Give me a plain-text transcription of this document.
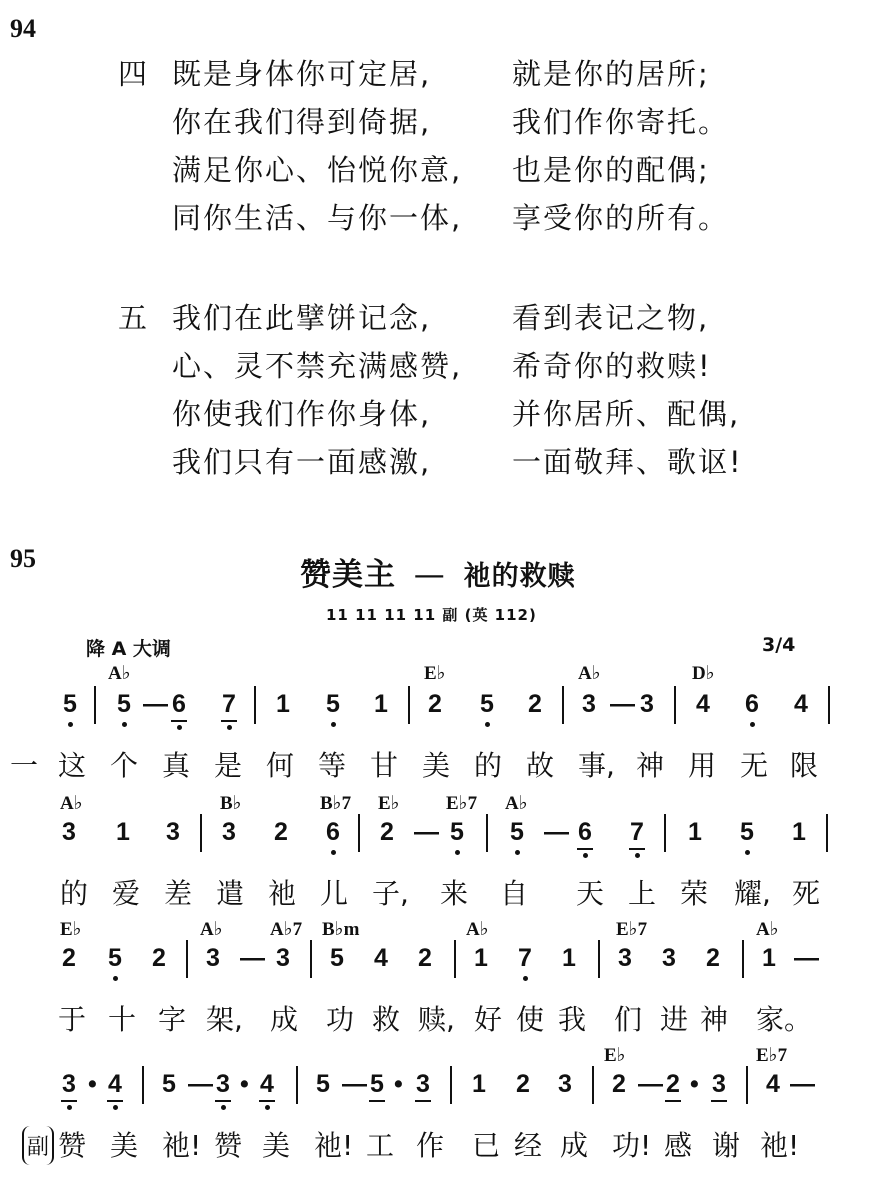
94
四 既是身体你可定居,	就是你的居所;
你在我们得到倚据,	我们作你寄托。
满足你心、怡悦你意, 也是你的配偶;
同你生活、与你一体, 享受你的所有。
五 我们在此擘饼记念,	看到表记之物,
心、灵不禁充满感赞, 希奇你的救赎!
你使我们作你身体,	并你居所、配偶,
我们只有一面感激,	一面敬拜、歌讴!
95	赞美主 — 祂的救赎
11 11 11 11 副 (英 112)
降 A 大调	3/4
A♭	E♭	A♭	D♭
5 5 — 6 7 1 5 1 2 5 2 3 — 3 4 6 4
一 这 个 真 是 何 等 甘 美 的 故 事, 神 用 无 限
A♭	B♭	B♭7 E♭ E♭7 A♭
3 1 3 3 2 6 2 — 5 5 — 6 7 1 5 1
的 爱 差 遣 祂 儿 子, 来 自 天 上 荣 耀, 死
E♭	A♭ A♭7 B♭m	A♭	E♭7	A♭
2 5 2 3 — 3 5 4 2 1 7 1 3 3 2 1 —
于 十 字 架, 成 功 救 赎, 好 使 我 们 进 神 家。
E♭	E♭7
3 • 4 5 — 3 • 4 5 — 5 • 3 1 2 3 2 — 2 • 3 4 —
副 赞 美 祂! 赞 美 祂! 工 作 已 经 成 功! 感 谢 祂!
